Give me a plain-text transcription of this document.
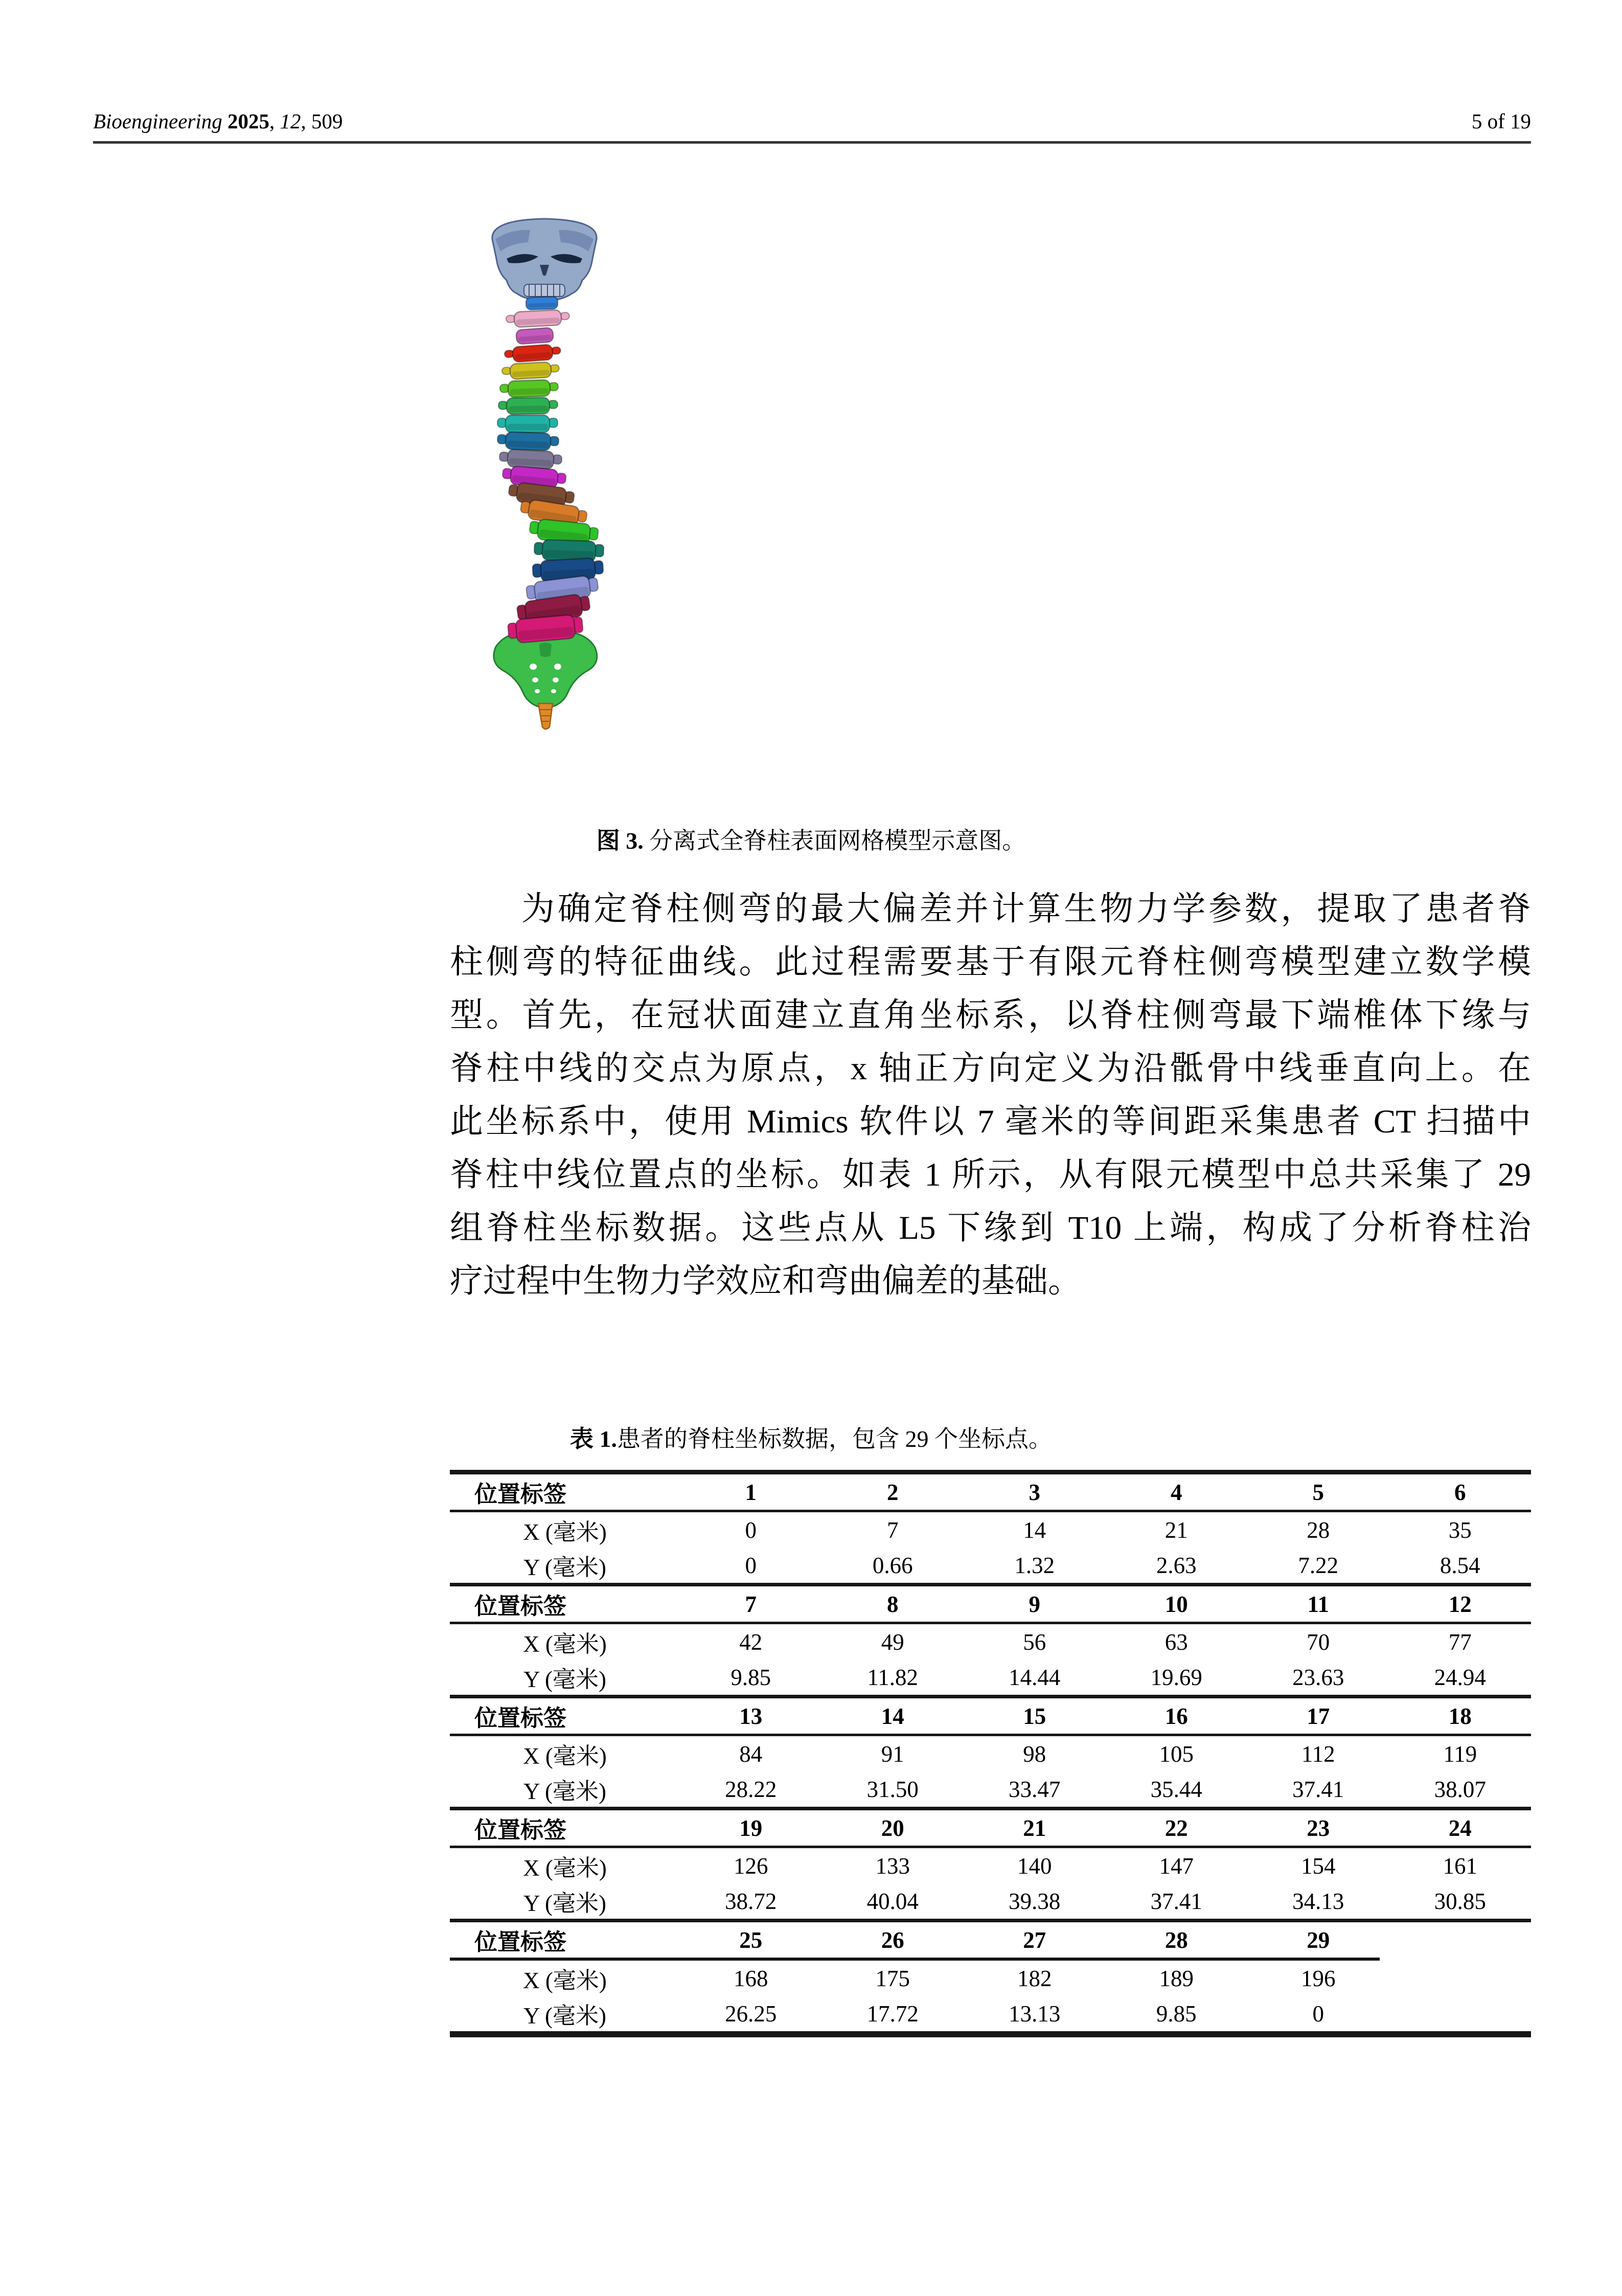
Bioengineering 2025, 12, 509	5 of 19
图 3. 分离式全脊柱表面网格模型示意图。
为确定脊柱侧弯的最大偏差并计算生物力学参数，提取了患者脊
柱侧弯的特征曲线。此过程需要基于有限元脊柱侧弯模型建立数学模
型。首先，在冠状面建立直角坐标系，以脊柱侧弯最下端椎体下缘与
脊柱中线的交点为原点，x 轴正方向定义为沿骶骨中线垂直向上。在
此坐标系中，使用 Mimics 软件以 7 毫米的等间距采集患者 CT 扫描中
脊柱中线位置点的坐标。如表 1 所示，从有限元模型中总共采集了 29
组脊柱坐标数据。这些点从 L5 下缘到 T10 上端，构成了分析脊柱治
疗过程中生物力学效应和弯曲偏差的基础。
表 1.患者的脊柱坐标数据，包含 29 个坐标点。
位置标签	1	2	3	4	5	6
X (毫米)	0	7	14	21	28	35
Y (毫米)	0	0.66	1.32	2.63	7.22	8.54
位置标签	7	8	9	10	11	12
X (毫米)	42	49	56	63	70	77
Y (毫米)	9.85	11.82	14.44	19.69	23.63	24.94
位置标签	13	14	15	16	17	18
X (毫米)	84	91	98	105	112	119
Y (毫米)	28.22	31.50	33.47	35.44	37.41	38.07
位置标签	19	20	21	22	23	24
X (毫米)	126	133	140	147	154	161
Y (毫米)	38.72	40.04	39.38	37.41	34.13	30.85
位置标签	25	26	27	28	29
X (毫米)	168	175	182	189	196
Y (毫米)	26.25	17.72	13.13	9.85	0
